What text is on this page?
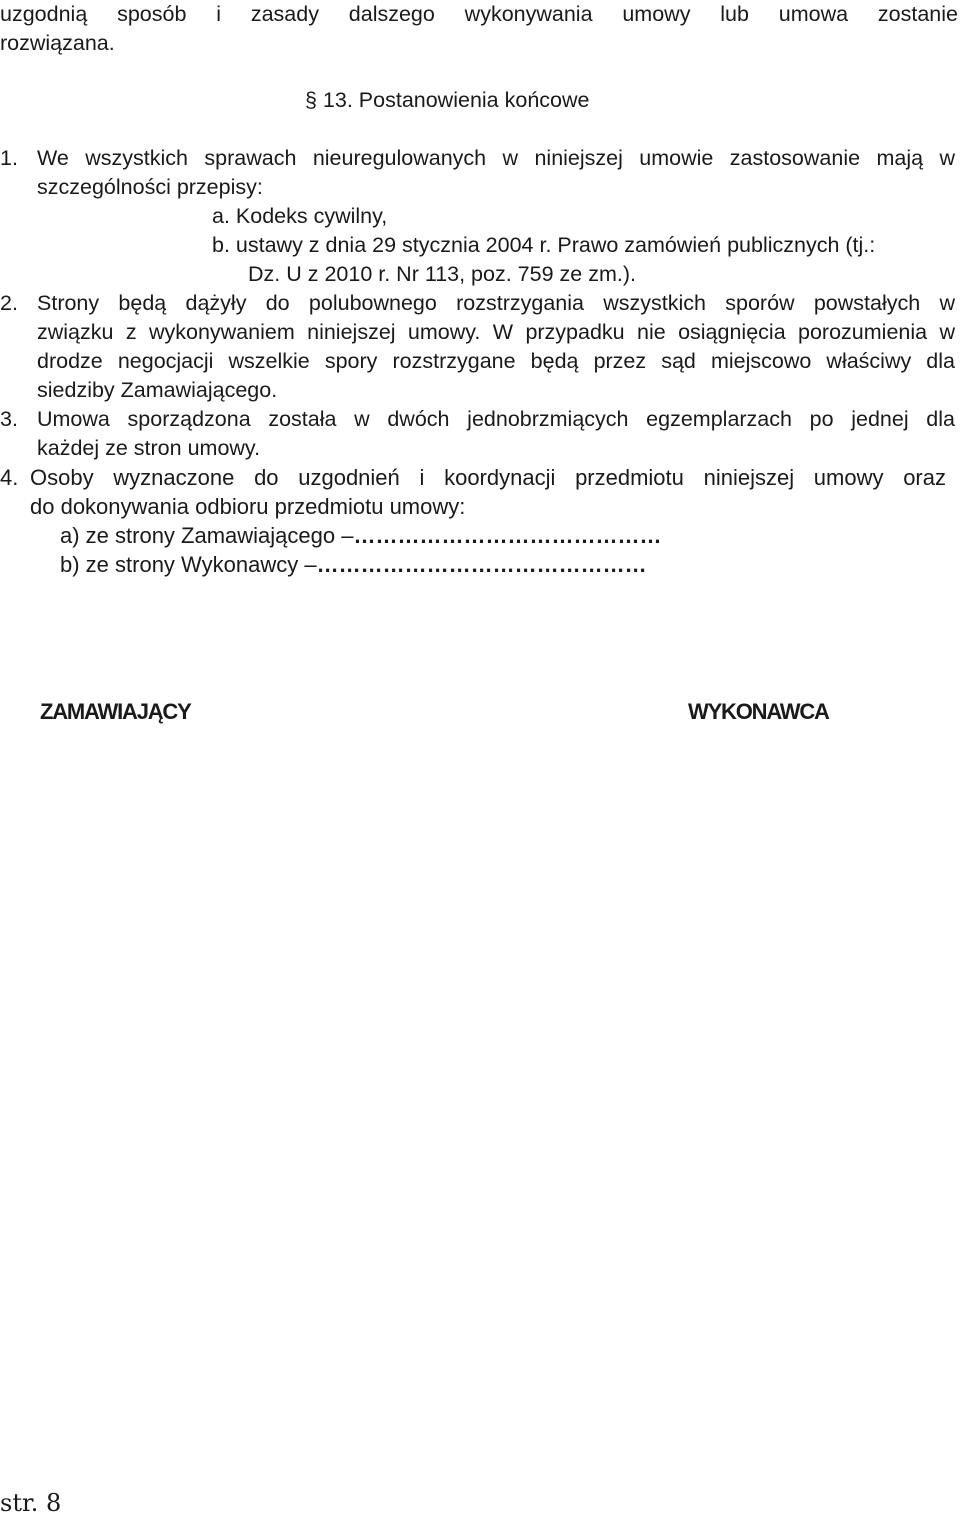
uzgodnią sposób i zasady dalszego wykonywania umowy lub umowa zostanie
rozwiązana.
§ 13. Postanowienia końcowe
1. We wszystkich sprawach nieuregulowanych w niniejszej umowie zastosowanie mają w
szczególności przepisy:
a. Kodeks cywilny,
b. ustawy z dnia 29 stycznia 2004 r. Prawo zamówień publicznych (tj.:
Dz. U z 2010 r. Nr 113, poz. 759 ze zm.).
2. Strony będą dążyły do polubownego rozstrzygania wszystkich sporów powstałych w
związku z wykonywaniem niniejszej umowy. W przypadku nie osiągnięcia porozumienia w
drodze negocjacji wszelkie spory rozstrzygane będą przez sąd miejscowo właściwy dla
siedziby Zamawiającego.
3. Umowa sporządzona została w dwóch jednobrzmiących egzemplarzach po jednej dla
każdej ze stron umowy.
4. Osoby wyznaczone do uzgodnień i koordynacji przedmiotu niniejszej umowy oraz
do dokonywania odbioru przedmiotu umowy:
a) ze strony Zamawiającego –……………………………………
b) ze strony Wykonawcy –………………………………………
ZAMAWIAJĄCY	WYKONAWCA
str. 8
